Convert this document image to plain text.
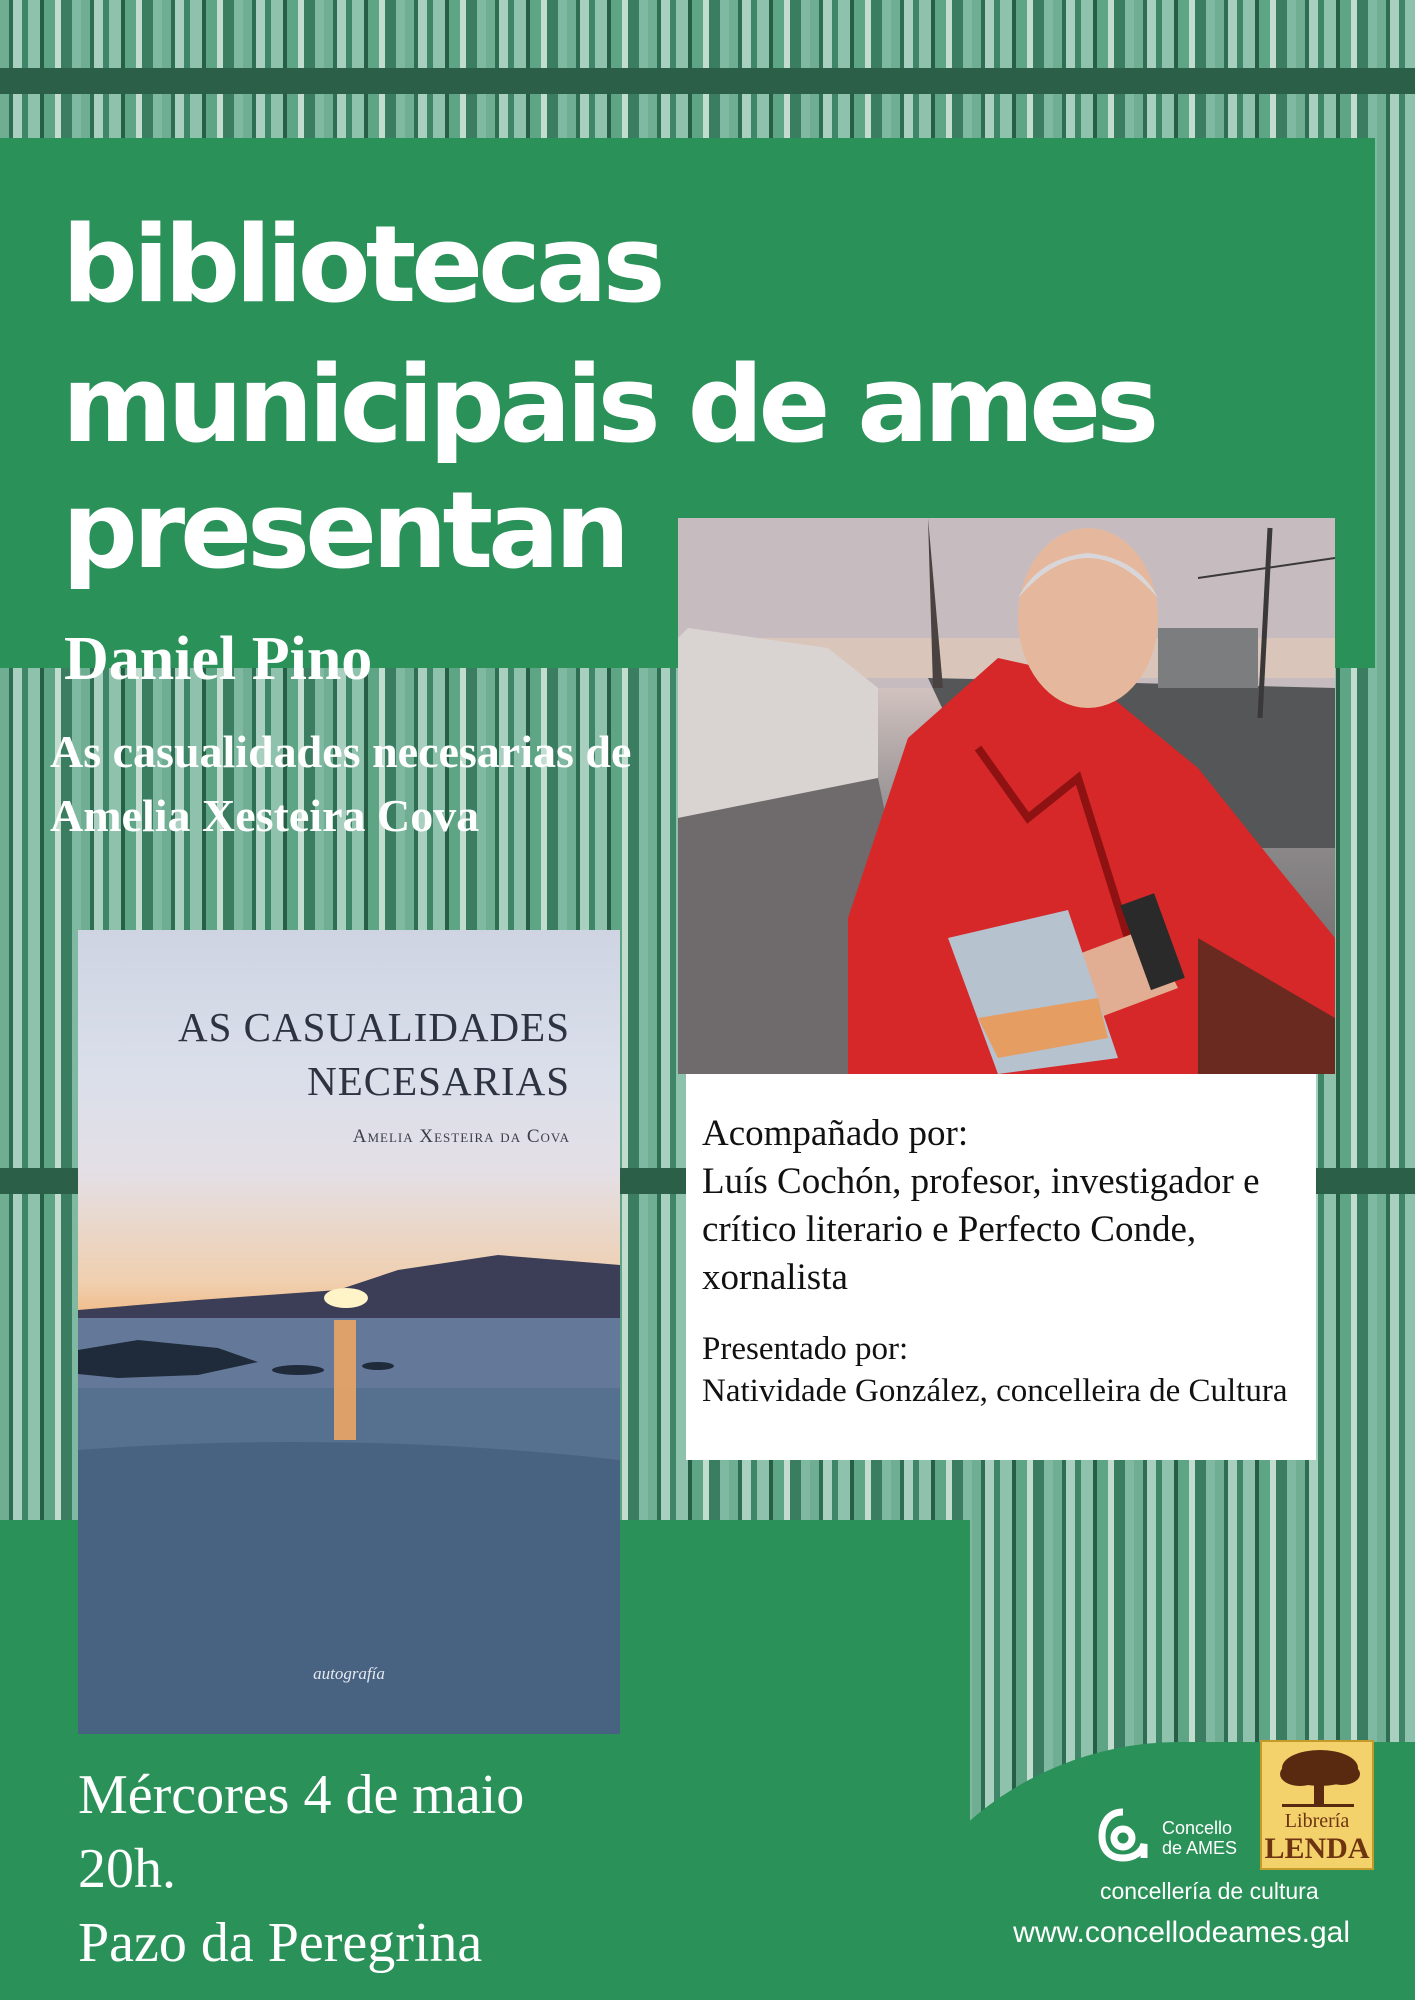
bibliotecas
municipais de ames
presentan
Daniel Pino
As casualidades necesarias de Amelia Xesteira Cova
AS CASUALIDADES
NECESARIAS
Amelia Xesteira da Cova
autografía
Acompañado por:
Luís Cochón, profesor, investigador e crítico literario e Perfecto Conde, xornalista
Presentado por:
Natividade González, concelleira de Cultura
Mércores 4 de maio
20h.
Pazo da Peregrina
Librería
LENDA
Concello
de AMES
concellería de cultura
www.concellodeames.gal
